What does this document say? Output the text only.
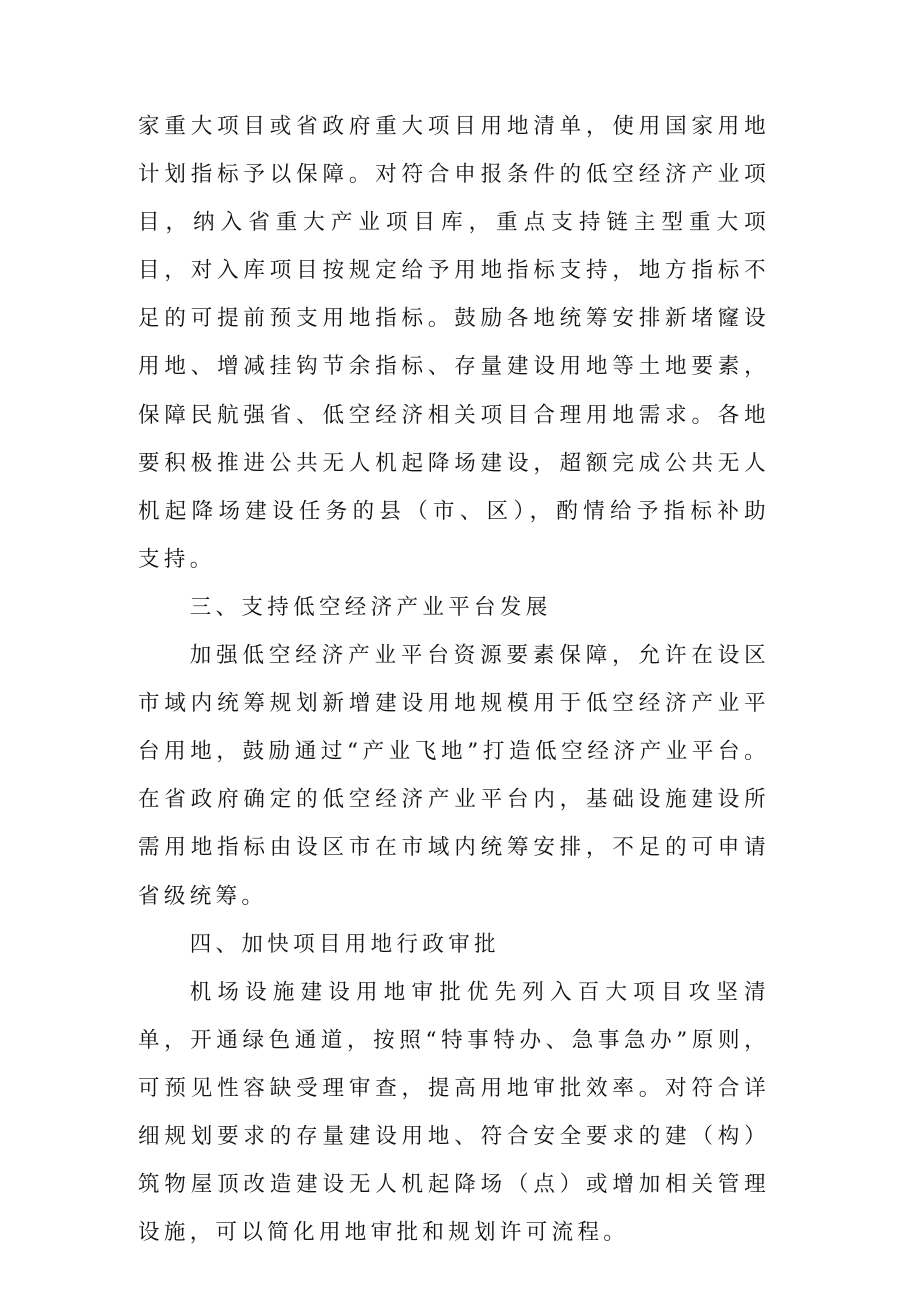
家重大项目或省政府重大项目用地清单，使用国家用地计划指标予以保障。对符合申报条件的低空经济产业项目，纳入省重大产业项目库，重点支持链主型重大项目，对入库项目按规定给予用地指标支持，地方指标不足的可提前预支用地指标。鼓励各地统筹安排新堵窿设用地、增减挂钩节余指标、存量建设用地等土地要素，保障民航强省、低空经济相关项目合理用地需求。各地要积极推进公共无人机起降场建设，超额完成公共无人机起降场建设任务的县（市、区），酌情给予指标补助支持。

三、支持低空经济产业平台发展

加强低空经济产业平台资源要素保障，允许在设区市域内统筹规划新增建设用地规模用于低空经济产业平台用地，鼓励通过“产业飞地”打造低空经济产业平台。在省政府确定的低空经济产业平台内，基础设施建设所需用地指标由设区市在市域内统筹安排，不足的可申请省级统筹。

四、加快项目用地行政审批

机场设施建设用地审批优先列入百大项目攻坚清单，开通绿色通道，按照“特事特办、急事急办”原则，可预见性容缺受理审查，提高用地审批效率。对符合详细规划要求的存量建设用地、符合安全要求的建（构）筑物屋顶改造建设无人机起降场（点）或增加相关管理设施，可以简化用地审批和规划许可流程。
